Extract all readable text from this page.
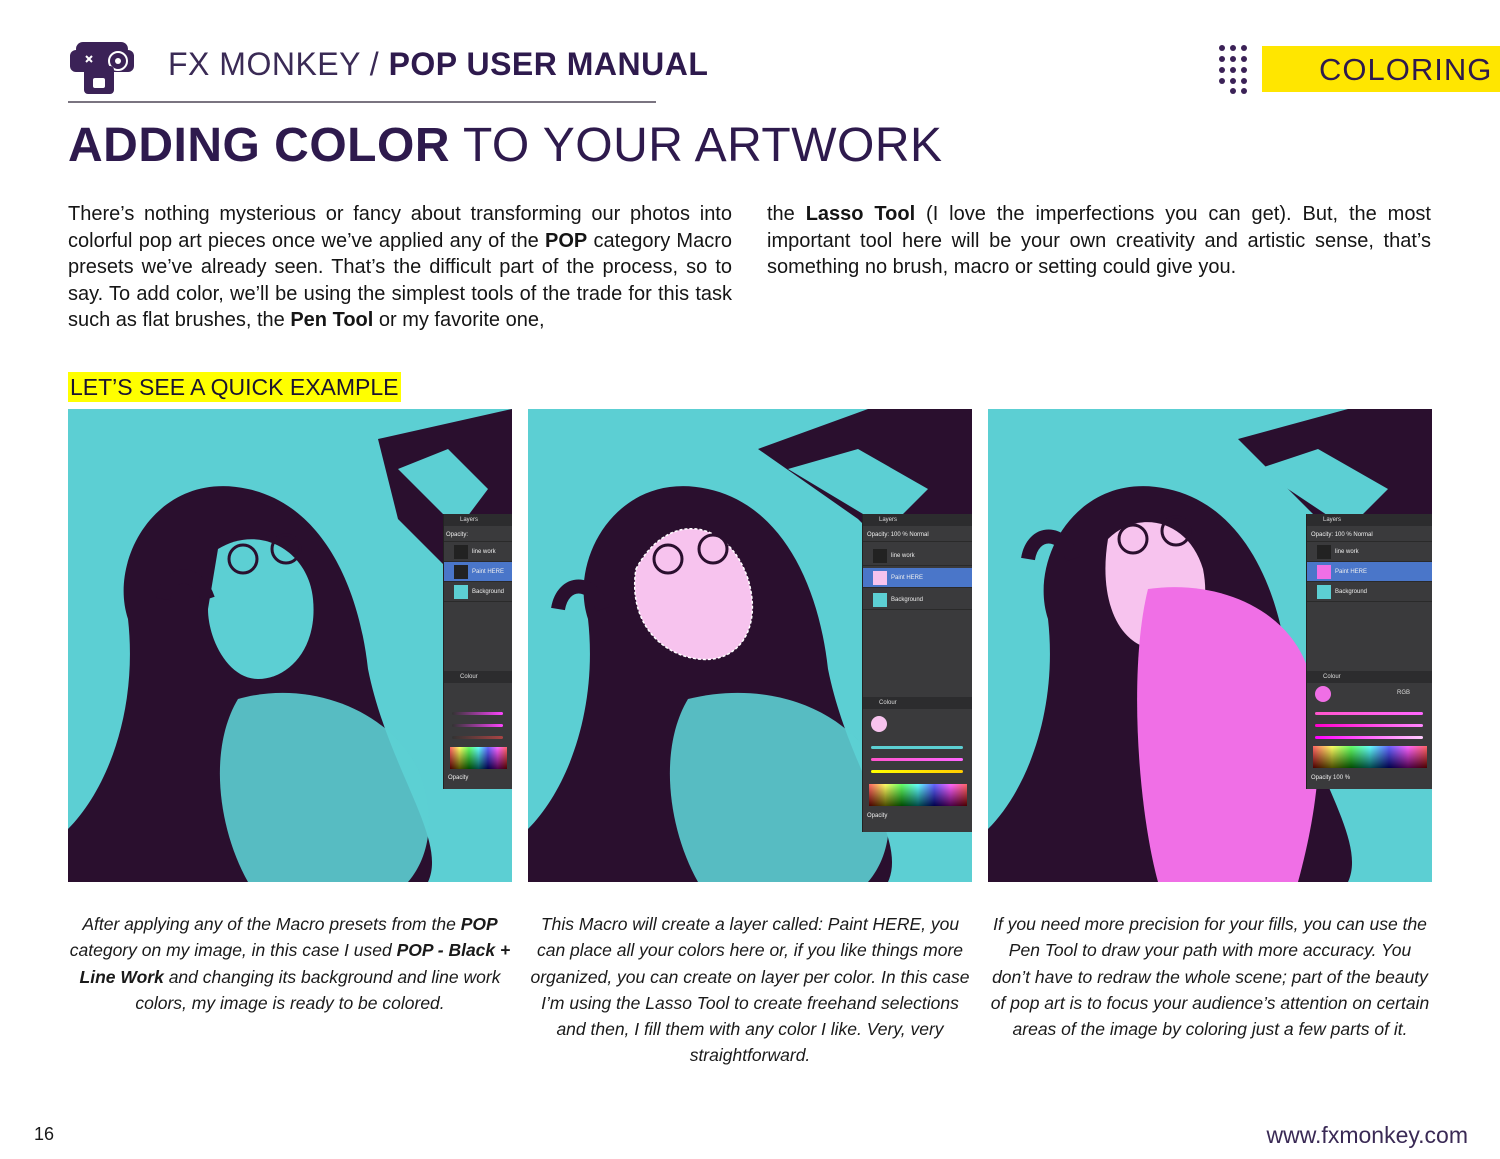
FX MONKEY / POP USER MANUAL	COLORING
ADDING COLOR TO YOUR ARTWORK
There’s nothing mysterious or fancy about transforming our photos into colorful pop art pieces once we’ve applied any of the POP category Macro presets we’ve already seen. That’s the difficult part of the process, so to say. To add color, we’ll be using the simplest tools of the trade for this task such as flat brushes, the Pen Tool or my favorite one,
the Lasso Tool (I love the imperfections you can get). But, the most important tool here will be your own creativity and artistic sense, that’s something no brush, macro or setting could give you.
LET’S SEE A QUICK EXAMPLE
Layers
Opacity:
line work
Paint HERE
Background
Colour
Opacity
Layers
Opacity: 100 % Normal
line work
Paint HERE
Background
Colour
Opacity
Layers
Opacity: 100 % Normal
line work
Paint HERE
Background
Colour
RGB
Opacity 100 %
After applying any of the Macro presets from the POP category on my image, in this case I used POP - Black + Line Work and changing its background and line work colors, my image is ready to be colored.
This Macro will create a layer called: Paint HERE, you can place all your colors here or, if you like things more organized, you can create on layer per color. In this case I’m using the Lasso Tool to create freehand selections and then, I fill them with any color I like. Very, very straightforward.
If you need more precision for your fills, you can use the Pen Tool to draw your path with more accuracy. You don’t have to redraw the whole scene; part of the beauty of pop art is to focus your audience’s attention on certain areas of the image by coloring just a few parts of it.
16	www.fxmonkey.com
